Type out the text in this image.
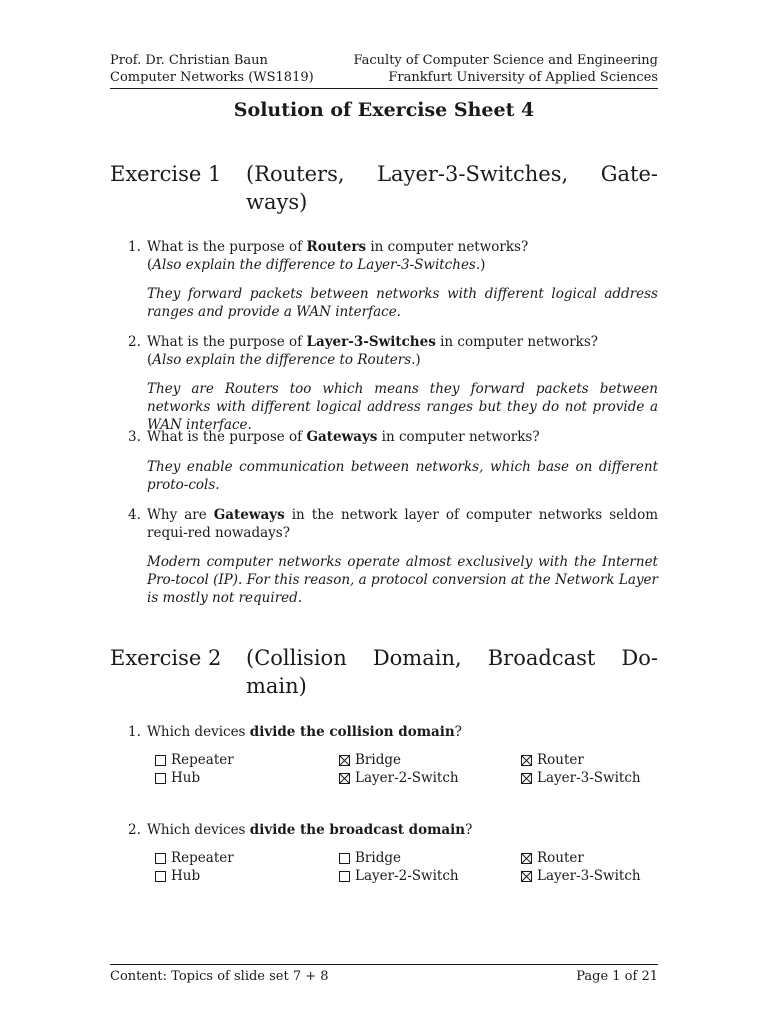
Prof. Dr. Christian Baun	Faculty of Computer Science and Engineering
Computer Networks (WS1819)	Frankfurt University of Applied Sciences
Solution of Exercise Sheet 4
Exercise 1	(Routers, Layer-3-Switches, Gate-
ways)
1. What is the purpose of Routers in computer networks?
(Also explain the difference to Layer-3-Switches.)
They forward packets between networks with different logical address ranges and provide a WAN interface.
2. What is the purpose of Layer-3-Switches in computer networks?
(Also explain the difference to Routers.)
They are Routers too which means they forward packets between networks with different logical address ranges but they do not provide a WAN interface.
3. What is the purpose of Gateways in computer networks?
They enable communication between networks, which base on different proto-cols.
4. Why are Gateways in the network layer of computer networks seldom requi-red nowadays?
Modern computer networks operate almost exclusively with the Internet Pro-tocol (IP). For this reason, a protocol conversion at the Network Layer is mostly not required.
Exercise 2	(Collision Domain, Broadcast Do-
main)
1. Which devices divide the collision domain?
Repeater	Bridge	Router
Hub	Layer-2-Switch	Layer-3-Switch
2. Which devices divide the broadcast domain?
Repeater	Bridge	Router
Hub	Layer-2-Switch	Layer-3-Switch
Content: Topics of slide set 7 + 8	Page 1 of 21
